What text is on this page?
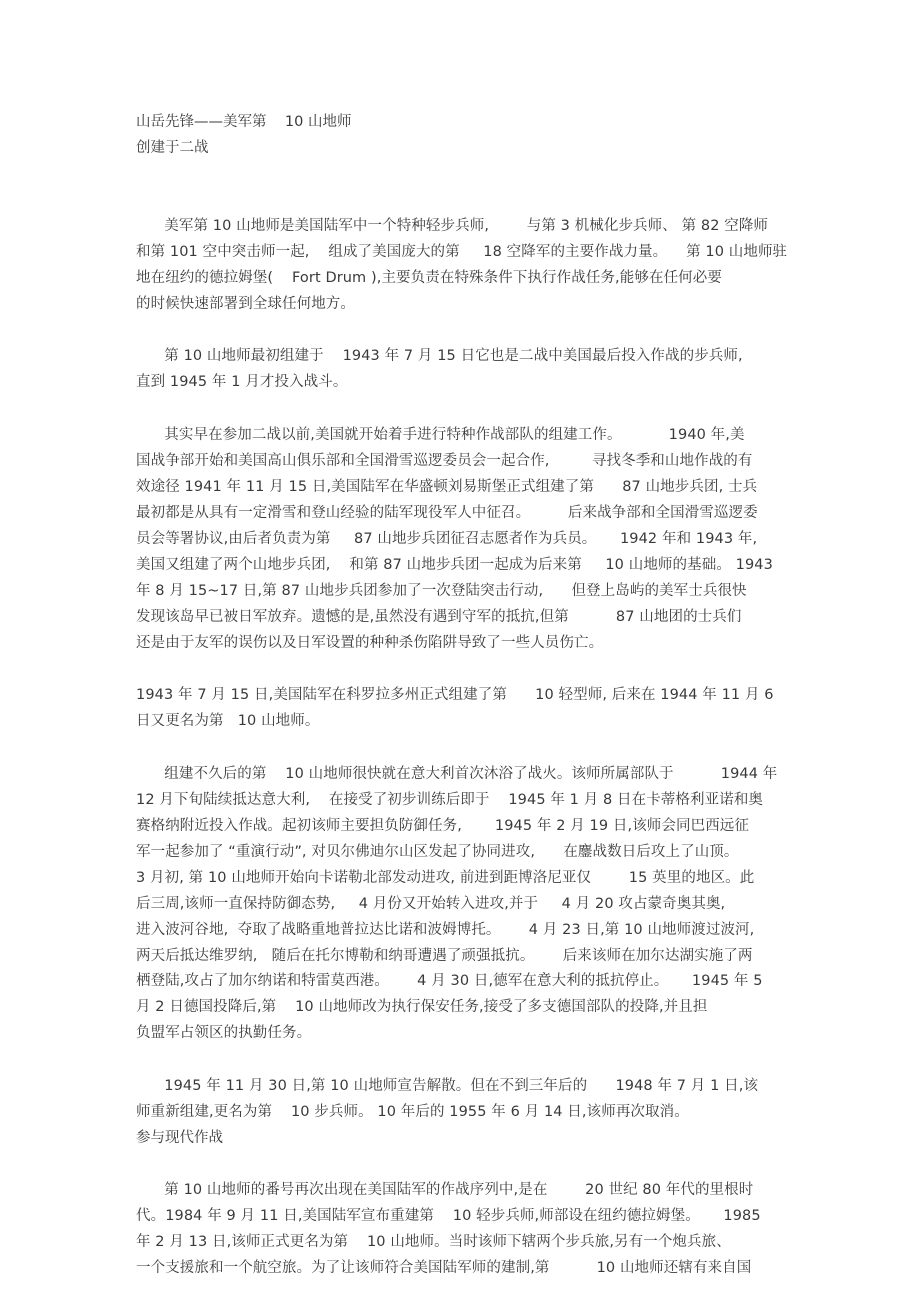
山岳先锋——美军第    10 山地师
创建于二战
美军第 10 山地师是美国陆军中一个特种轻步兵师,        与第 3 机械化步兵师、 第 82 空降师
和第 101 空中突击师一起,    组成了美国庞大的第     18 空降军的主要作战力量。    第 10 山地师驻
地在纽约的德拉姆堡(    Fort Drum ),主要负责在特殊条件下执行作战任务,能够在任何必要
的时候快速部署到全球任何地方。
第 10 山地师最初组建于    1943 年 7 月 15 日它也是二战中美国最后投入作战的步兵师,
直到 1945 年 1 月才投入战斗。
其实早在参加二战以前,美国就开始着手进行特种作战部队的组建工作。          1940 年,美
国战争部开始和美国高山俱乐部和全国滑雪巡逻委员会一起合作,         寻找冬季和山地作战的有
效途径 1941 年 11 月 15 日,美国陆军在华盛顿刘易斯堡正式组建了第      87 山地步兵团, 士兵
最初都是从具有一定滑雪和登山经验的陆军现役军人中征召。        后来战争部和全国滑雪巡逻委
员会等署协议,由后者负责为第     87 山地步兵团征召志愿者作为兵员。     1942 年和 1943 年,
美国又组建了两个山地步兵团,    和第 87 山地步兵团一起成为后来第     10 山地师的基础。 1943
年 8 月 15~17 日,第 87 山地步兵团参加了一次登陆突击行动,      但登上岛屿的美军士兵很快
发现该岛早已被日军放弃。遗憾的是,虽然没有遇到守军的抵抗,但第          87 山地团的士兵们
还是由于友军的误伤以及日军设置的种种杀伤陷阱导致了一些人员伤亡。
1943 年 7 月 15 日,美国陆军在科罗拉多州正式组建了第      10 轻型师, 后来在 1944 年 11 月 6
日又更名为第   10 山地师。
组建不久后的第    10 山地师很快就在意大利首次沐浴了战火。该师所属部队于          1944 年
12 月下旬陆续抵达意大利,    在接受了初步训练后即于    1945 年 1 月 8 日在卡蒂格利亚诺和奥
赛格纳附近投入作战。起初该师主要担负防御任务,       1945 年 2 月 19 日,该师会同巴西远征
军一起参加了 “重演行动”, 对贝尔佛迪尔山区发起了协同进攻,      在鏖战数日后攻上了山顶。
3 月初, 第 10 山地师开始向卡诺勒北部发动进攻, 前进到距博洛尼亚仅        15 英里的地区。此
后三周,该师一直保持防御态势,     4 月份又开始转入进攻,并于     4 月 20 攻占蒙奇奥其奥,
进入波河谷地,  夺取了战略重地普拉达比诺和波姆博托。      4 月 23 日,第 10 山地师渡过波河,
两天后抵达维罗纳,   随后在托尔博勒和纳哥遭遇了顽强抵抗。      后来该师在加尔达湖实施了两
栖登陆,攻占了加尔纳诺和特雷莫西港。      4 月 30 日,德军在意大利的抵抗停止。     1945 年 5
月 2 日德国投降后,第    10 山地师改为执行保安任务,接受了多支德国部队的投降,并且担
负盟军占领区的执勤任务。
1945 年 11 月 30 日,第 10 山地师宣告解散。但在不到三年后的      1948 年 7 月 1 日,该
师重新组建,更名为第    10 步兵师。 10 年后的 1955 年 6 月 14 日,该师再次取消。
参与现代作战
第 10 山地师的番号再次出现在美国陆军的作战序列中,是在        20 世纪 80 年代的里根时
代。1984 年 9 月 11 日,美国陆军宣布重建第    10 轻步兵师,师部设在纽约德拉姆堡。     1985
年 2 月 13 日,该师正式更名为第    10 山地师。当时该师下辖两个步兵旅,另有一个炮兵旅、
一个支援旅和一个航空旅。为了让该师符合美国陆军师的建制,第          10 山地师还辖有来自国
